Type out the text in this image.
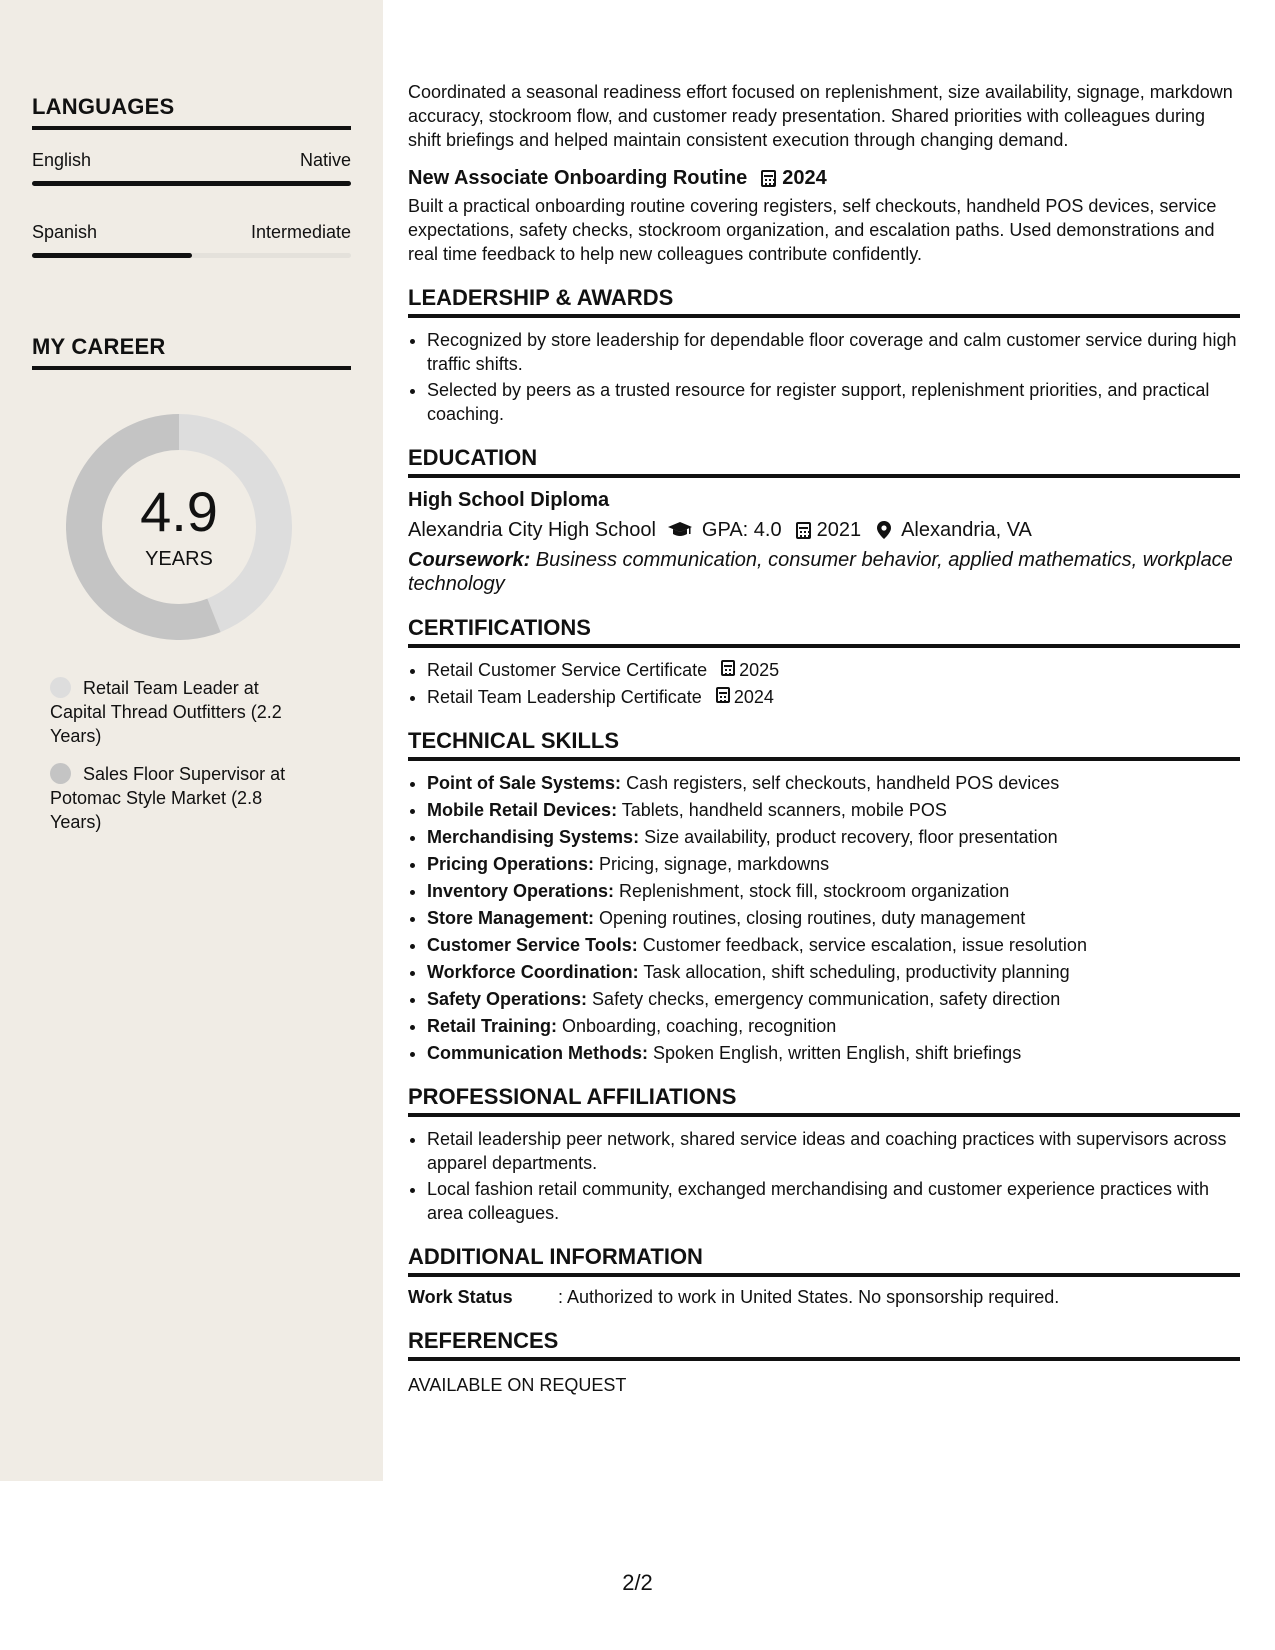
LANGUAGES
English	Native
Spanish	Intermediate
MY CAREER
4.9
YEARS
Retail Team Leader at Capital Thread Outfitters (2.2 Years)
Sales Floor Supervisor at Potomac Style Market (2.8 Years)

Coordinated a seasonal readiness effort focused on replenishment, size availability, signage, markdown accuracy, stockroom flow, and customer ready presentation. Shared priorities with colleagues during shift briefings and helped maintain consistent execution through changing demand.

New Associate Onboarding Routine 2024

Built a practical onboarding routine covering registers, self checkouts, handheld POS devices, service expectations, safety checks, stockroom organization, and escalation paths. Used demonstrations and real time feedback to help new colleagues contribute confidently.

LEADERSHIP & AWARDS
• Recognized by store leadership for dependable floor coverage and calm customer service during high traffic shifts.
• Selected by peers as a trusted resource for register support, replenishment priorities, and practical coaching.
EDUCATION
High School Diploma
Alexandria City High School GPA: 4.0 2021 Alexandria, VA
Coursework: Business communication, consumer behavior, applied mathematics, workplace technology
CERTIFICATIONS
• Retail Customer Service Certificate 2025
• Retail Team Leadership Certificate 2024
TECHNICAL SKILLS
• Point of Sale Systems: Cash registers, self checkouts, handheld POS devices
• Mobile Retail Devices: Tablets, handheld scanners, mobile POS
• Merchandising Systems: Size availability, product recovery, floor presentation
• Pricing Operations: Pricing, signage, markdowns
• Inventory Operations: Replenishment, stock fill, stockroom organization
• Store Management: Opening routines, closing routines, duty management
• Customer Service Tools: Customer feedback, service escalation, issue resolution
• Workforce Coordination: Task allocation, shift scheduling, productivity planning
• Safety Operations: Safety checks, emergency communication, safety direction
• Retail Training: Onboarding, coaching, recognition
• Communication Methods: Spoken English, written English, shift briefings
PROFESSIONAL AFFILIATIONS
• Retail leadership peer network, shared service ideas and coaching practices with supervisors across apparel departments.
• Local fashion retail community, exchanged merchandising and customer experience practices with area colleagues.
ADDITIONAL INFORMATION
Work Status	: Authorized to work in United States. No sponsorship required.
REFERENCES
AVAILABLE ON REQUEST
2/2
